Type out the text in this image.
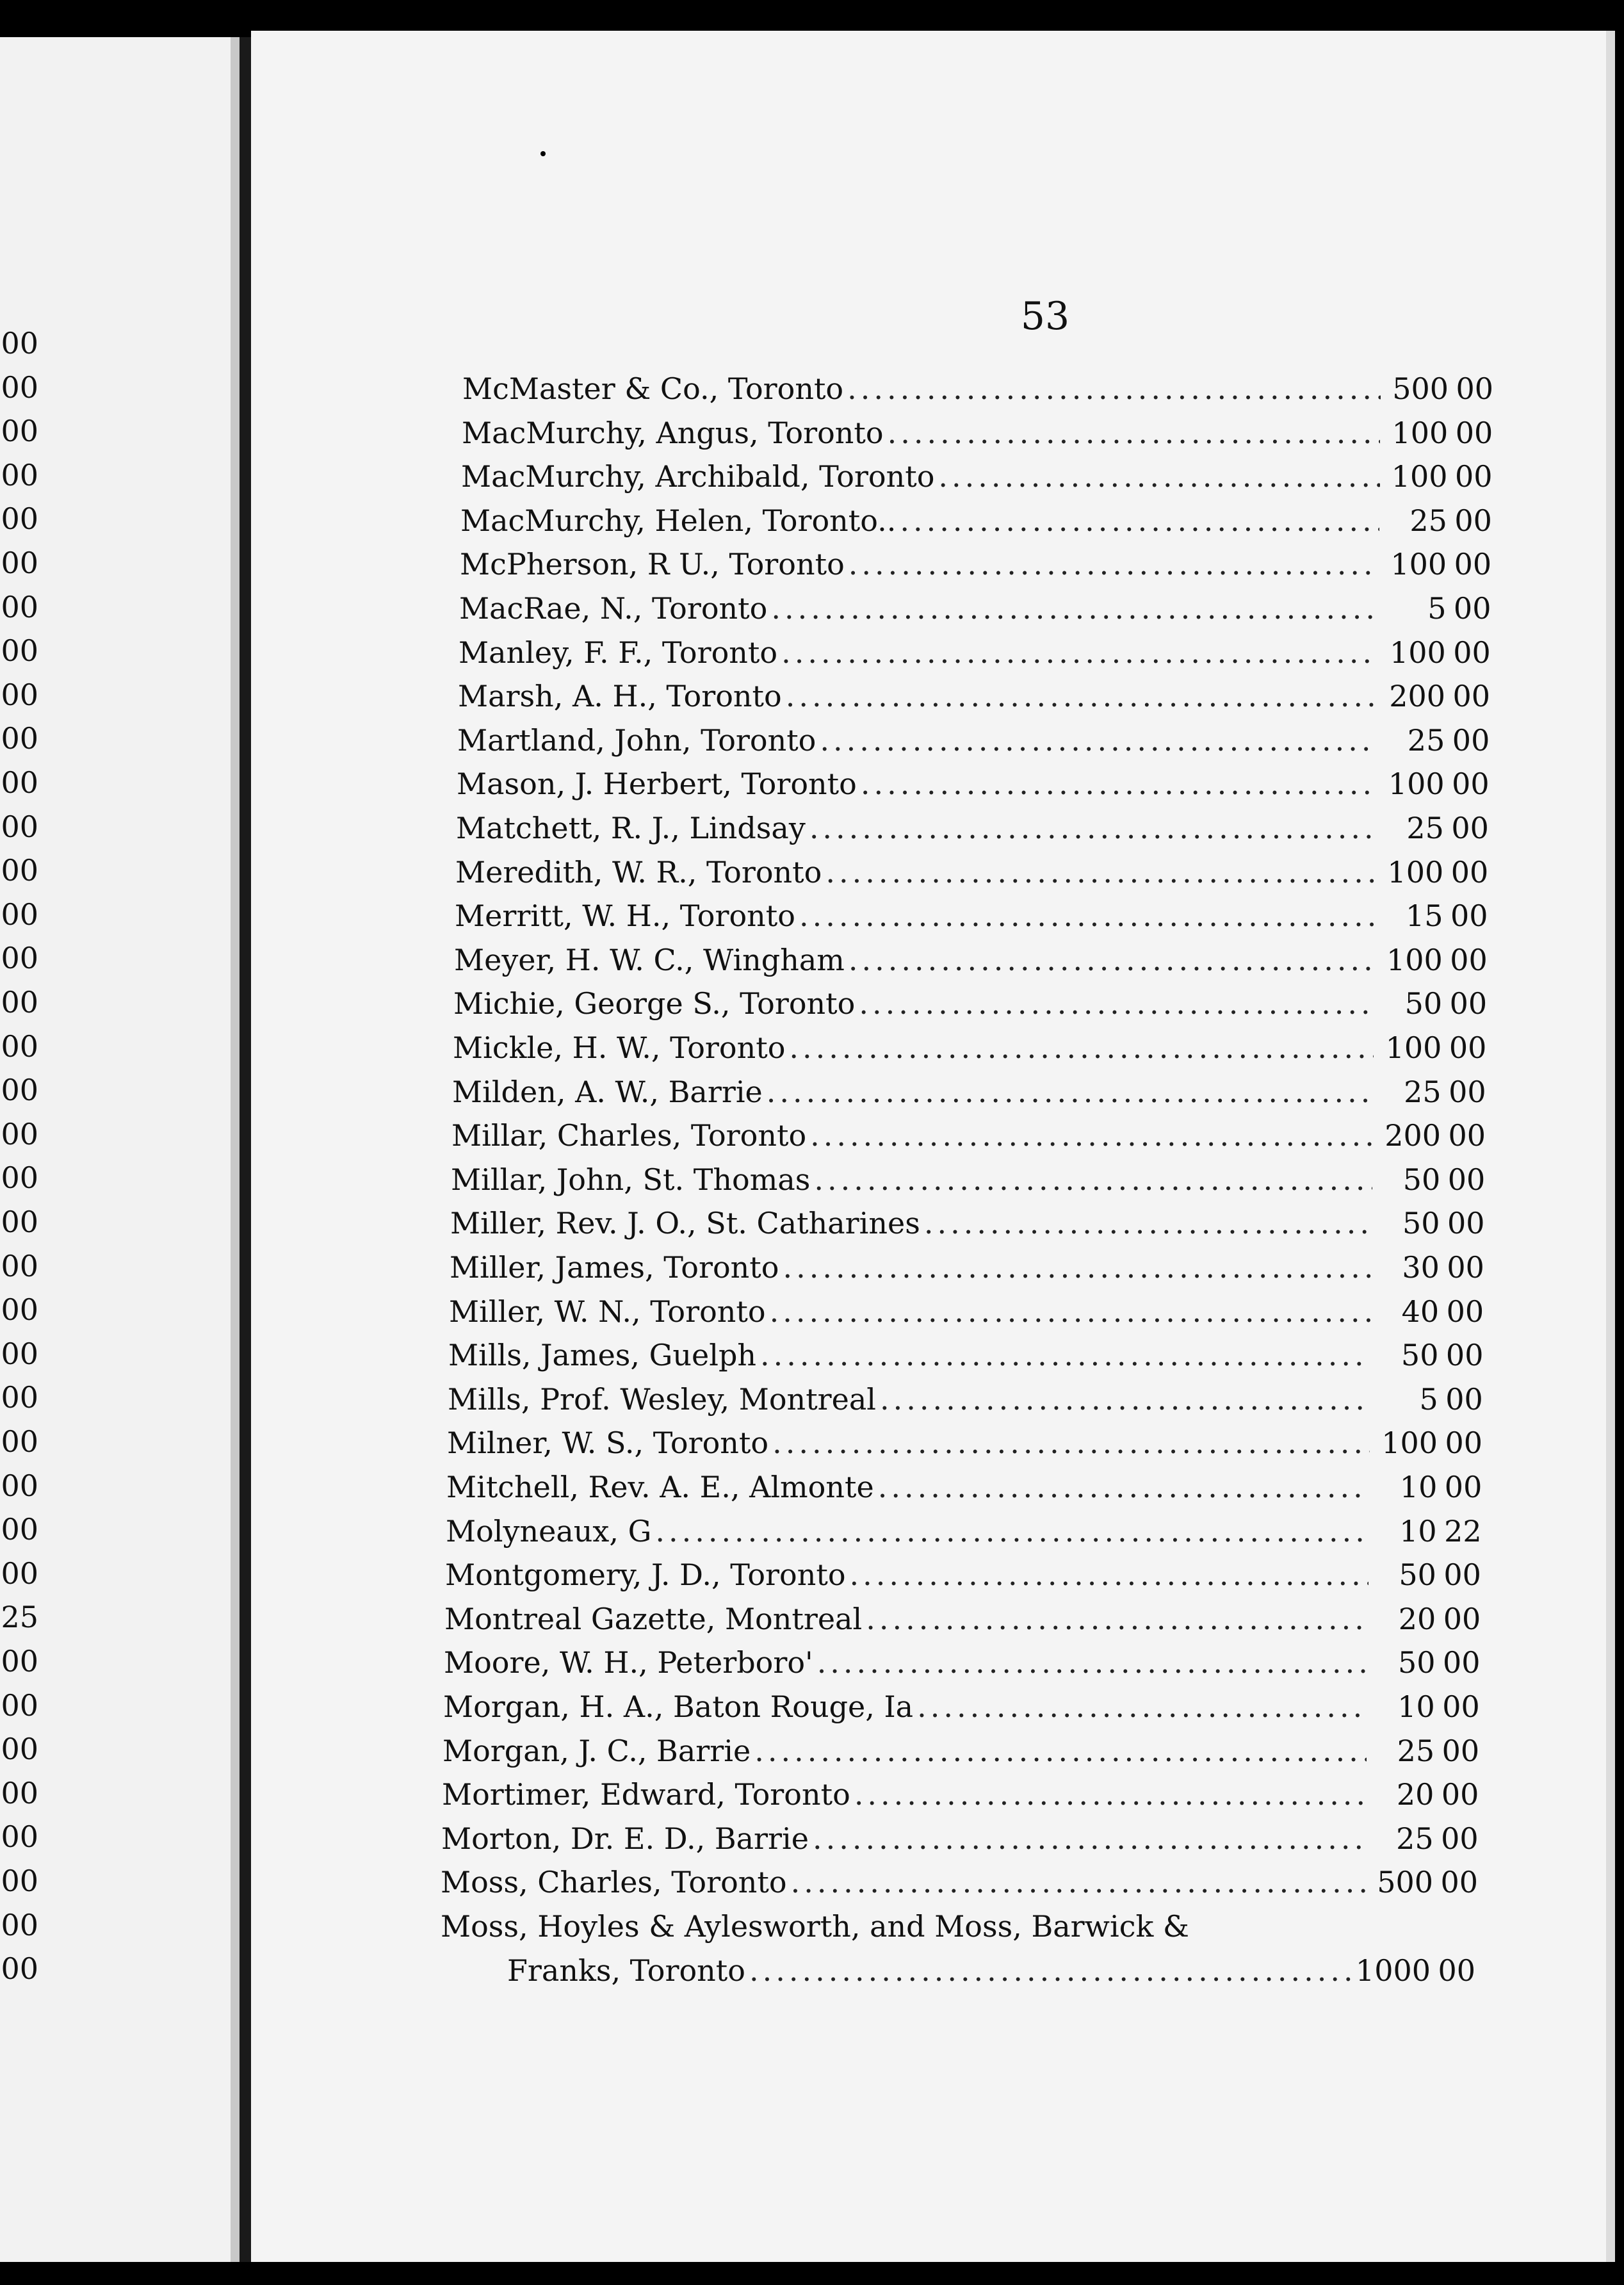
00
00
00
00
00
00
00
00
00
00
00
00
00
00
00
00
00
00
00
00
00
00
00
00
00
00
00
00
00
25
00
00
00
00
00
00
00
00
53
McMaster & Co., Toronto .....	500 00
MacMurchy, Angus, Toronto .....	100 00
MacMurchy, Archibald, Toronto .....	100 00
MacMurchy, Helen, Toronto.. .....	25 00
McPherson, R U., Toronto .....	100 00
MacRae, N., Toronto .....	5 00
Manley, F. F., Toronto .....	100 00
Marsh, A. H., Toronto .....	200 00
Martland, John, Toronto .....	25 00
Mason, J. Herbert, Toronto .....	100 00
Matchett, R. J., Lindsay .....	25 00
Meredith, W. R., Toronto .....	100 00
Merritt, W. H., Toronto .....	15 00
Meyer, H. W. C., Wingham .....	100 00
Michie, George S., Toronto .....	50 00
Mickle, H. W., Toronto .....	100 00
Milden, A. W., Barrie .....	25 00
Millar, Charles, Toronto .....	200 00
Millar, John, St. Thomas .....	50 00
Miller, Rev. J. O., St. Catharines .....	50 00
Miller, James, Toronto .....	30 00
Miller, W. N., Toronto .....	40 00
Mills, James, Guelph .....	50 00
Mills, Prof. Wesley, Montreal .....	5 00
Milner, W. S., Toronto .....	100 00
Mitchell, Rev. A. E., Almonte .....	10 00
Molyneaux, G .....	10 22
Montgomery, J. D., Toronto .....	50 00
Montreal Gazette, Montreal .....	20 00
Moore, W. H., Peterboro' .....	50 00
Morgan, H. A., Baton Rouge, Ia .....	10 00
Morgan, J. C., Barrie .....	25 00
Mortimer, Edward, Toronto .....	20 00
Morton, Dr. E. D., Barrie .....	25 00
Moss, Charles, Toronto .....	500 00
Moss, Hoyles & Aylesworth, and Moss, Barwick &
Franks, Toronto .....	1000 00
